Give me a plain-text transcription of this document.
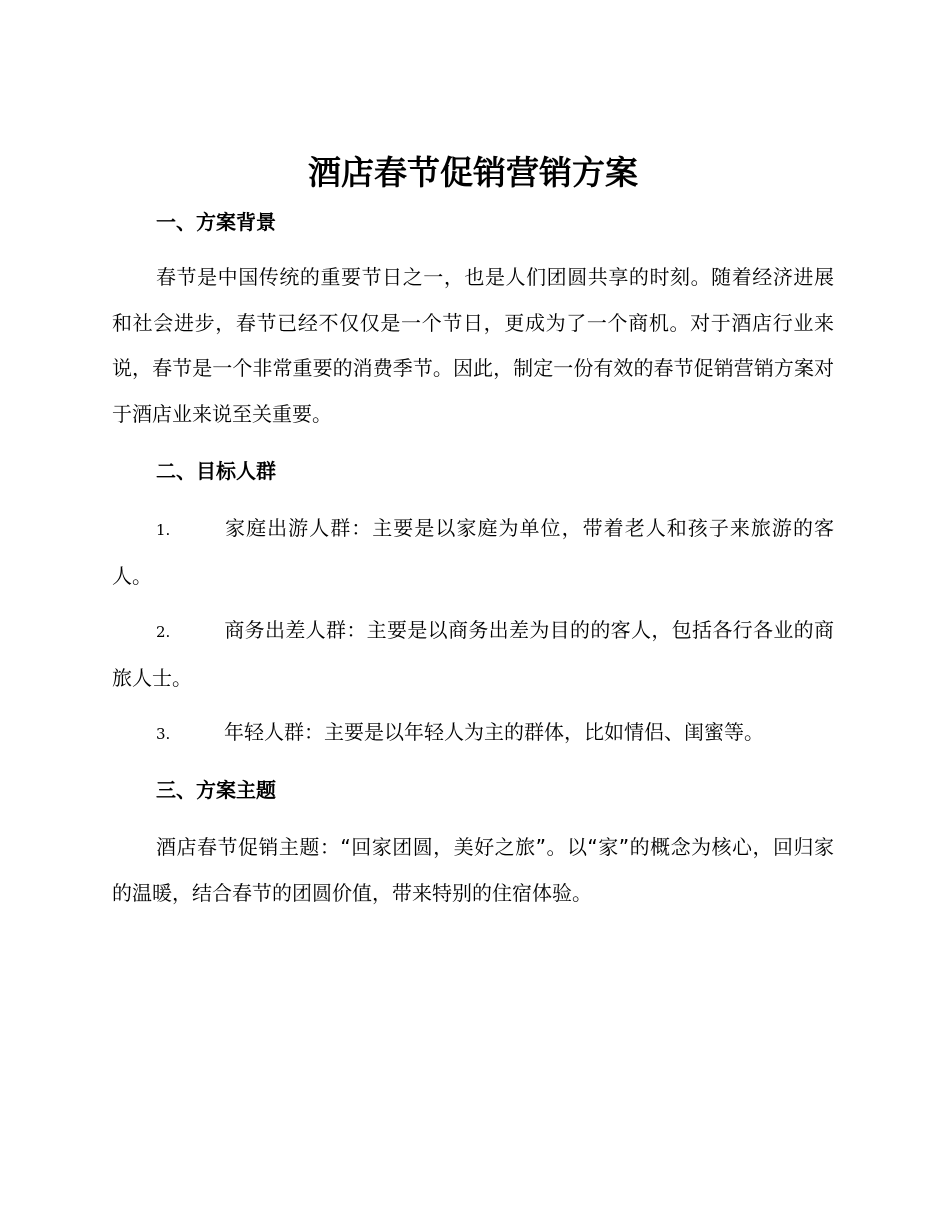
酒店春节促销营销方案
一、方案背景

春节是中国传统的重要节日之一，也是人们团圆共享的时刻。随着经济进展和社会进步，春节已经不仅仅是一个节日，更成为了一个商机。对于酒店行业来说，春节是一个非常重要的消费季节。因此，制定一份有效的春节促销营销方案对于酒店业来说至关重要。

二、目标人群

1.	家庭出游人群：主要是以家庭为单位，带着老人和孩子来旅游的客人。

2.	商务出差人群：主要是以商务出差为目的的客人，包括各行各业的商旅人士。

3.	年轻人群：主要是以年轻人为主的群体，比如情侣、闺蜜等。

三、方案主题

酒店春节促销主题：“回家团圆，美好之旅”。以“家”的概念为核心，回归家的温暖，结合春节的团圆价值，带来特别的住宿体验。
